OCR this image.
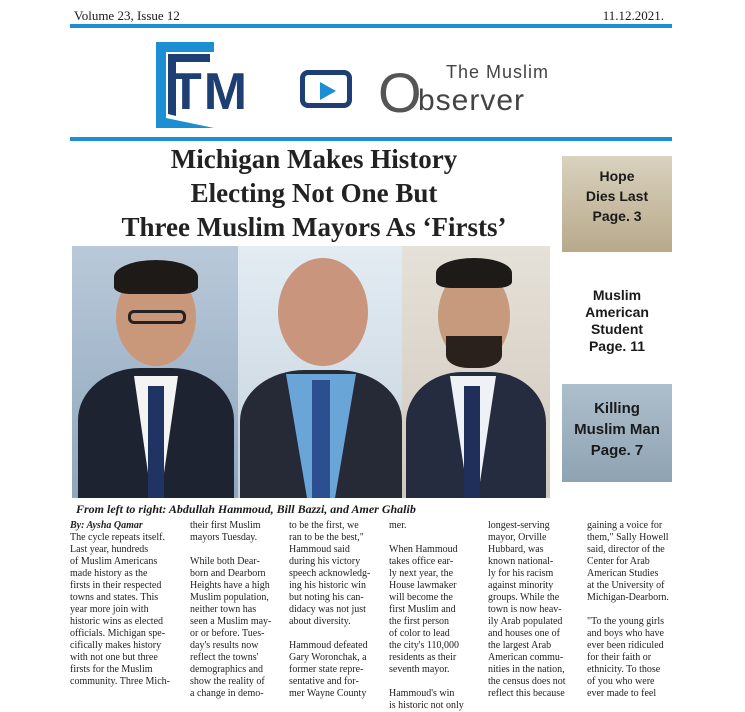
Volume 23, Issue 12	11.12.2021.
TM O The Muslim
bserver
Michigan Makes History
Electing Not One But
Three Muslim Mayors As ‘Firsts’
From left to right: Abdullah Hammoud, Bill Bazzi, and Amer Ghalib
Hope
Dies Last
Page. 3
Muslim
American
Student
Page. 11
Killing
Muslim Man
Page. 7
By: Aysha Qamar
The cycle repeats itself.
Last year, hundreds
of Muslim Americans
made history as the
firsts in their respected
towns and states. This
year more join with
historic wins as elected
officials. Michigan spe-
cifically makes history
with not one but three
firsts for the Muslim
community. Three Mich-
their first Muslim
mayors Tuesday.

While both Dear-
born and Dearborn
Heights have a high
Muslim population,
neither town has
seen a Muslim may-
or or before. Tues-
day's results now
reflect the towns'
demographics and
show the reality of
a change in demo-
to be the first, we
ran to be the best,"
Hammoud said
during his victory
speech acknowledg-
ing his historic win
but noting his can-
didacy was not just
about diversity.

Hammoud defeated
Gary Woronchak, a
former state repre-
sentative and for-
mer Wayne County
mer.

When Hammoud
takes office ear-
ly next year, the
House lawmaker
will become the
first Muslim and
the first person
of color to lead
the city's 110,000
residents as their
seventh mayor.

Hammoud's win
is historic not only
longest-serving
mayor, Orville
Hubbard, was
known national-
ly for his racism
against minority
groups. While the
town is now heav-
ily Arab populated
and houses one of
the largest Arab
American commu-
nities in the nation,
the census does not
reflect this because
gaining a voice for
them," Sally Howell
said, director of the
Center for Arab
American Studies
at the University of
Michigan-Dearborn.

"To the young girls
and boys who have
ever been ridiculed
for their faith or
ethnicity. To those
of you who were
ever made to feel
